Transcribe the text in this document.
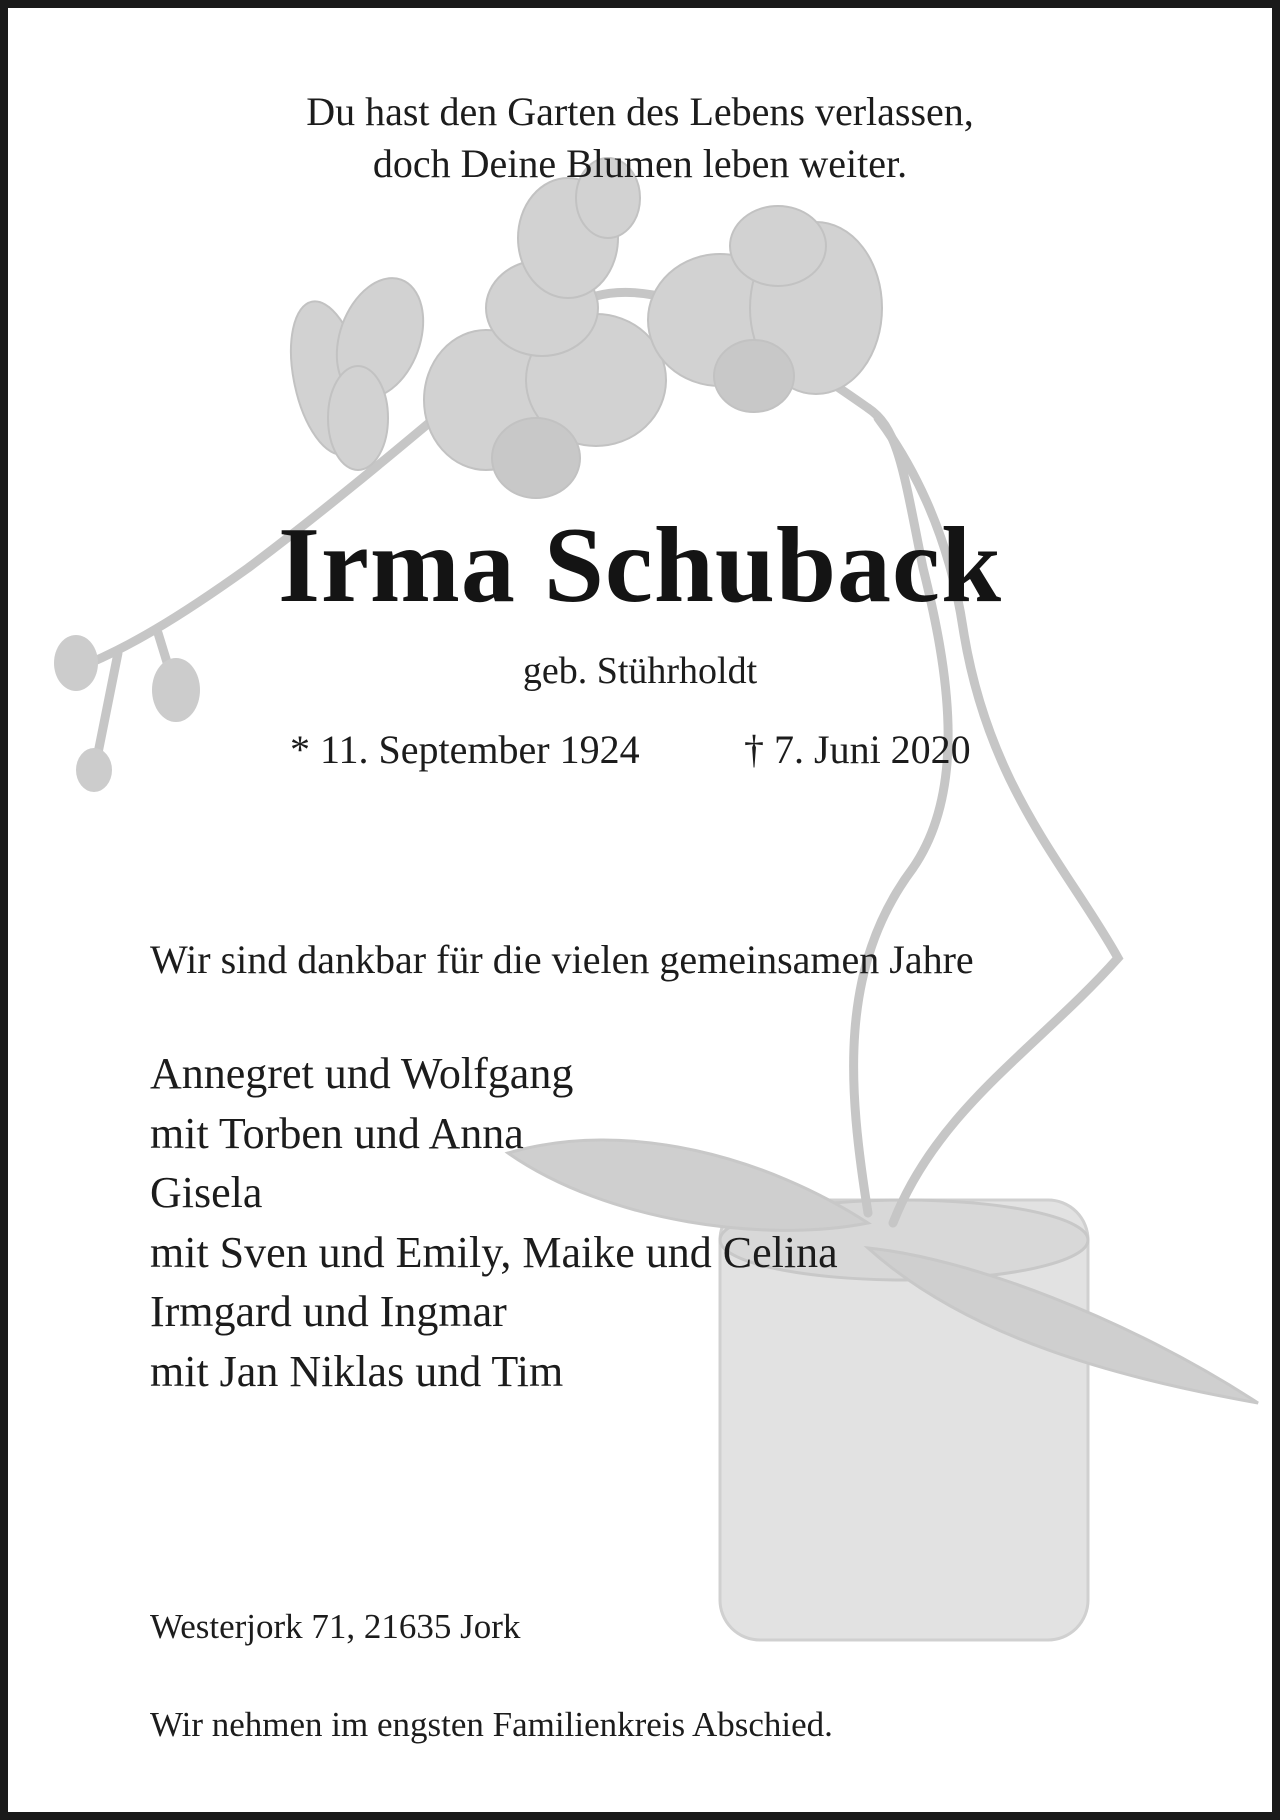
Du hast den Garten des Lebens verlassen,
doch Deine Blumen leben weiter.
Irma Schuback
geb. Stührholdt
* 11. September 1924	† 7. Juni 2020
Wir sind dankbar für die vielen gemeinsamen Jahre
Annegret und Wolfgang
mit Torben und Anna
Gisela
mit Sven und Emily, Maike und Celina
Irmgard und Ingmar
mit Jan Niklas und Tim
Westerjork 71, 21635 Jork
Wir nehmen im engsten Familienkreis Abschied.
